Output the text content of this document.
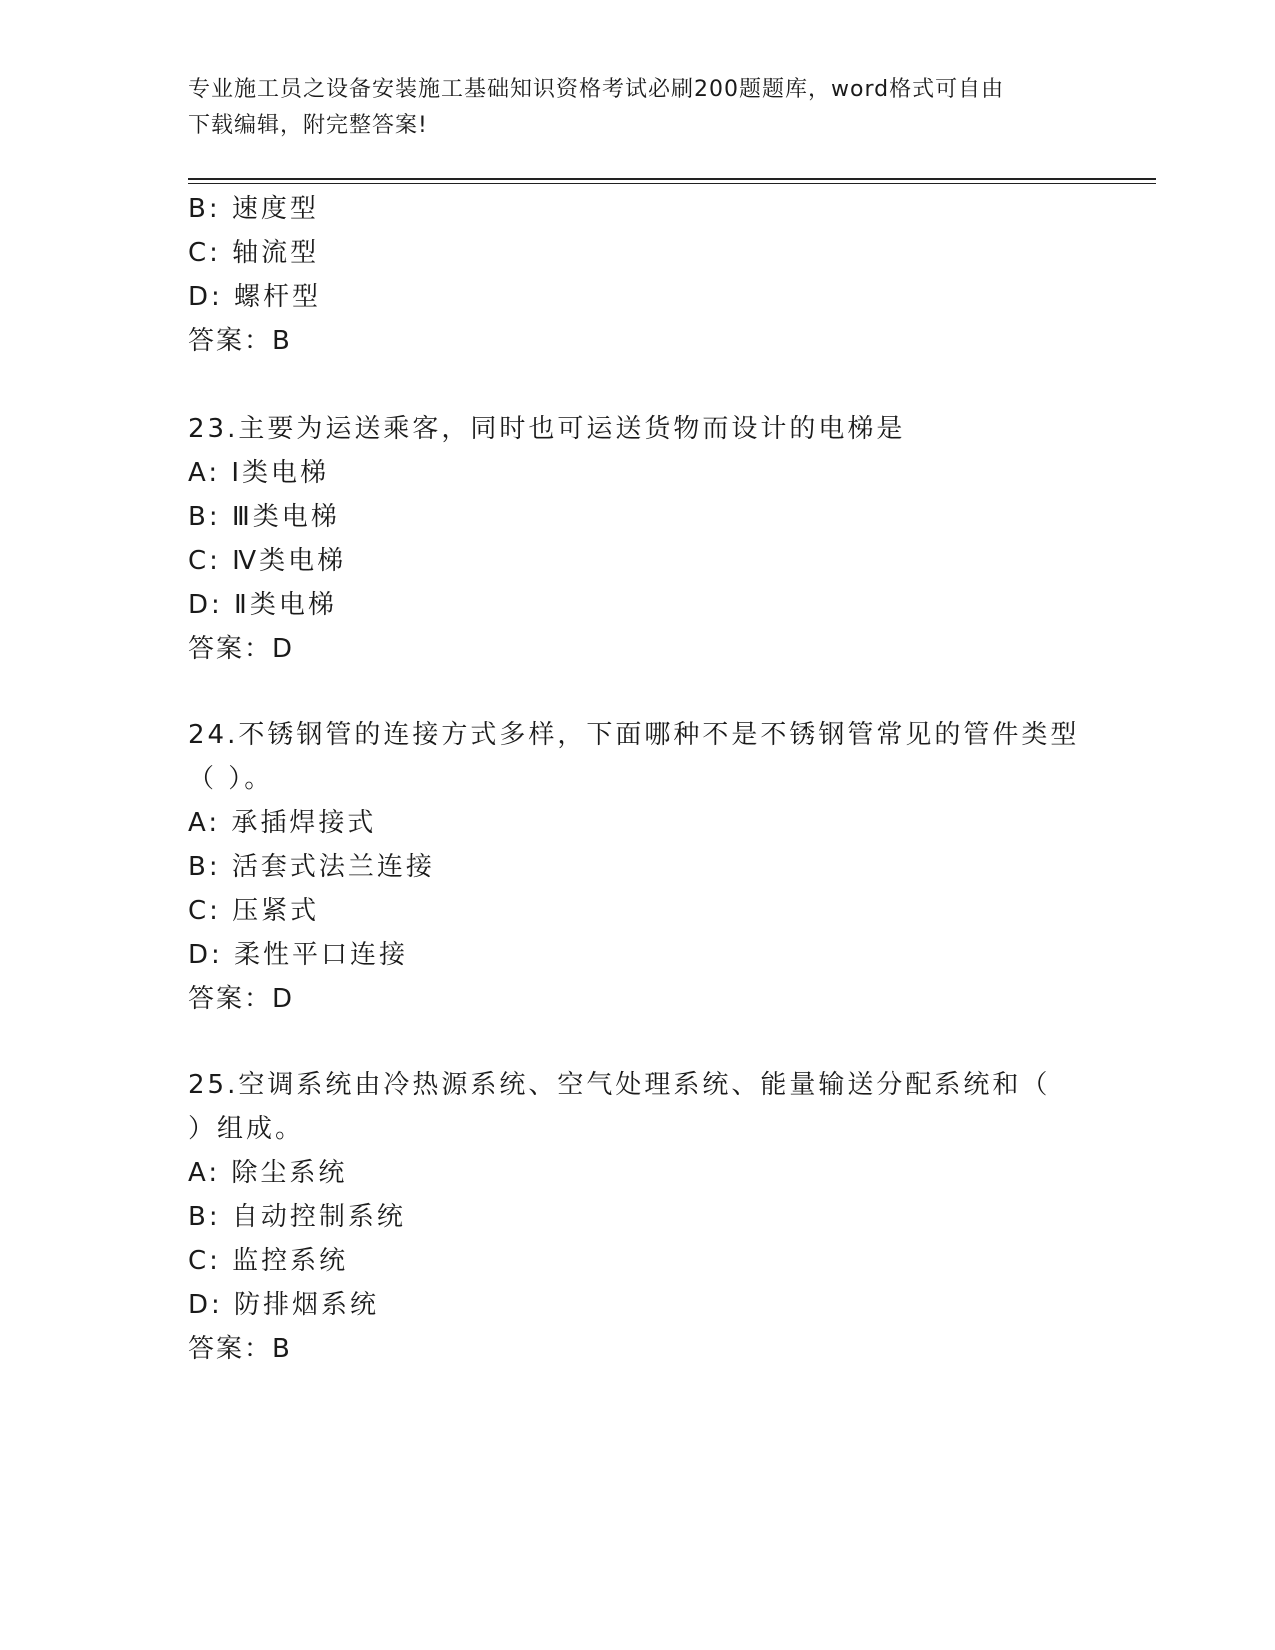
专业施工员之设备安装施工基础知识资格考试必刷200题题库，word格式可自由
下载编辑，附完整答案!
B: 速度型
C: 轴流型
D: 螺杆型
答案：B
23.主要为运送乘客，同时也可运送货物而设计的电梯是
A: Ⅰ类电梯
B: Ⅲ类电梯
C: Ⅳ类电梯
D: Ⅱ类电梯
答案：D
24.不锈钢管的连接方式多样，下面哪种不是不锈钢管常见的管件类型
（ ）。
A: 承插焊接式
B: 活套式法兰连接
C: 压紧式
D: 柔性平口连接
答案：D
25.空调系统由冷热源系统、空气处理系统、能量输送分配系统和（
）组成。
A: 除尘系统
B: 自动控制系统
C: 监控系统
D: 防排烟系统
答案：B
